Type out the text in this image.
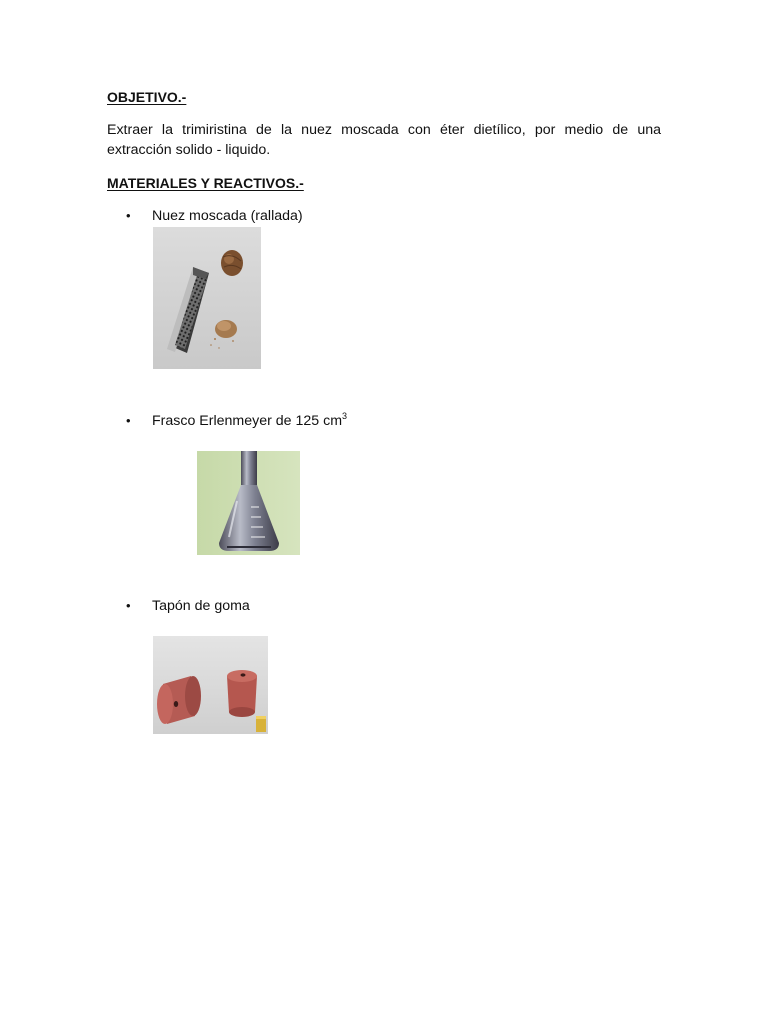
OBJETIVO.-

Extraer la trimiristina de la nuez moscada con éter dietílico, por medio de una extracción solido - liquido.

MATERIALES Y REACTIVOS.-
• Nuez moscada (rallada)
• Frasco Erlenmeyer de 125 $cm^3$
• Tapón de goma
